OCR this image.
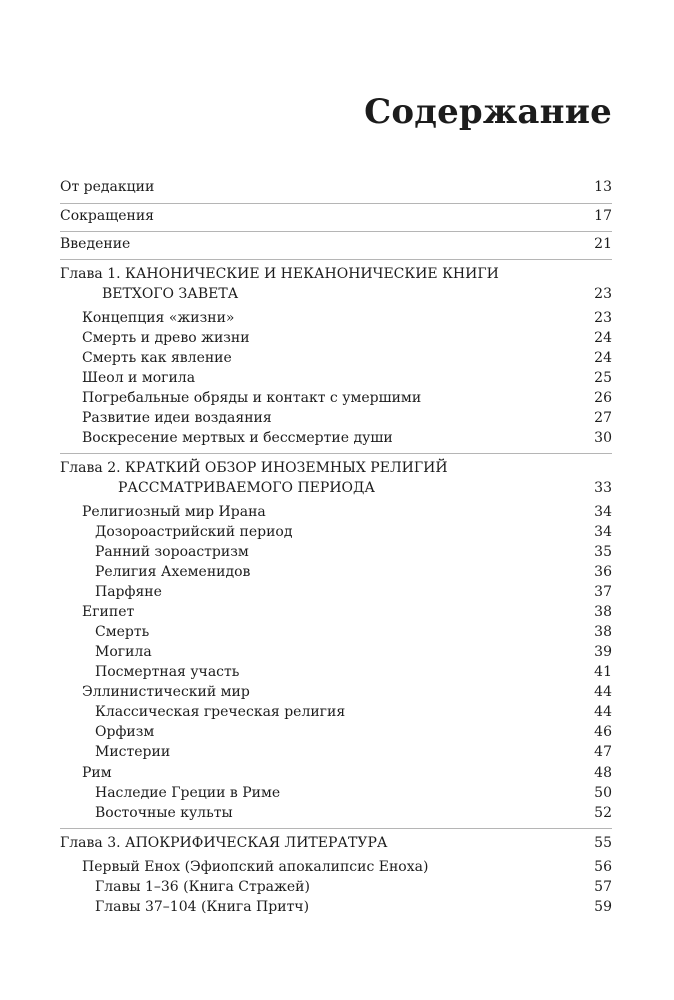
Содержание
От редакции	13
Сокращения	17
Введение	21
Глава 1. КАНОНИЧЕСКИЕ И НЕКАНОНИЧЕСКИЕ КНИГИ
ВЕТХОГО ЗАВЕТА	23
Концепция «жизни»	23
Смерть и древо жизни	24
Смерть как явление	24
Шеол и могила	25
Погребальные обряды и контакт с умершими	26
Развитие идеи воздаяния	27
Воскресение мертвых и бессмертие души	30
Глава 2. КРАТКИЙ ОБЗОР ИНОЗЕМНЫХ РЕЛИГИЙ
РАССМАТРИВАЕМОГО ПЕРИОДА	33
Религиозный мир Ирана	34
Дозороастрийский период	34
Ранний зороастризм	35
Религия Ахеменидов	36
Парфяне	37
Египет	38
Смерть	38
Могила	39
Посмертная участь	41
Эллинистический мир	44
Классическая греческая религия	44
Орфизм	46
Мистерии	47
Рим	48
Наследие Греции в Риме	50
Восточные культы	52
Глава 3. АПОКРИФИЧЕСКАЯ ЛИТЕРАТУРА	55
Первый Енох (Эфиопский апокалипсис Еноха)	56
Главы 1–36 (Книга Стражей)	57
Главы 37–104 (Книга Притч)	59
